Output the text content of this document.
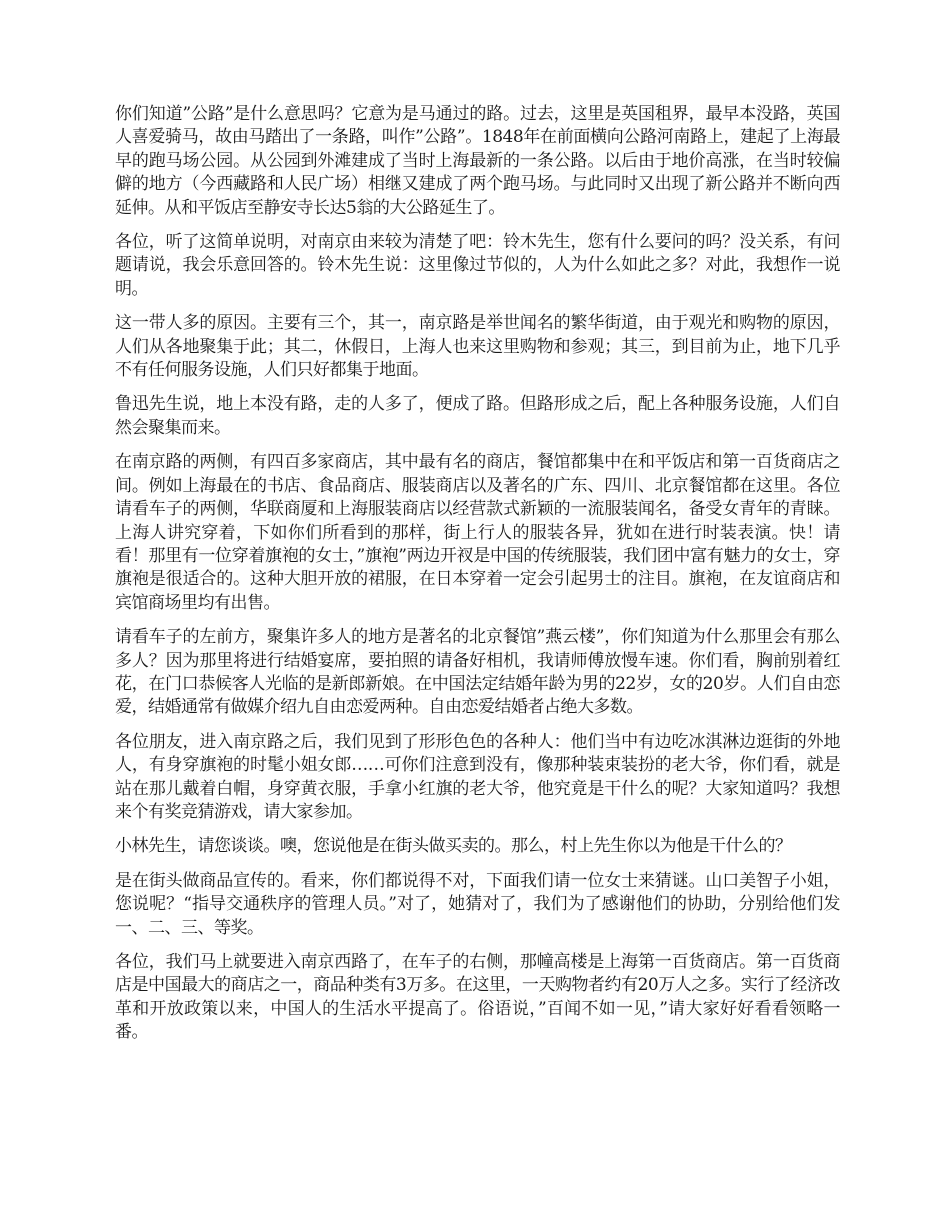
你们知道”公路”是什么意思吗？它意为是马通过的路。过去，这里是英国租界，最早本没路，英国人喜爱骑马，故由马踏出了一条路，叫作”公路”。1848年在前面横向公路河南路上，建起了上海最早的跑马场公园。从公园到外滩建成了当时上海最新的一条公路。以后由于地价高涨，在当时较偏僻的地方（今西藏路和人民广场）相继又建成了两个跑马场。与此同时又出现了新公路并不断向西延伸。从和平饭店至静安寺长达5翁的大公路延生了。

各位，听了这简单说明，对南京由来较为清楚了吧：铃木先生，您有什么要问的吗？没关系，有问题请说，我会乐意回答的。铃木先生说：这里像过节似的，人为什么如此之多？对此，我想作一说明。

这一带人多的原因。主要有三个，其一，南京路是举世闻名的繁华街道，由于观光和购物的原因，人们从各地聚集于此；其二，休假日，上海人也来这里购物和参观；其三，到目前为止，地下几乎不有任何服务设施，人们只好都集于地面。

鲁迅先生说，地上本没有路，走的人多了，便成了路。但路形成之后，配上各种服务设施，人们自然会聚集而来。

在南京路的两侧，有四百多家商店，其中最有名的商店，餐馆都集中在和平饭店和第一百货商店之间。例如上海最在的书店、食品商店、服装商店以及著名的广东、四川、北京餐馆都在这里。各位请看车子的两侧，华联商厦和上海服装商店以经营款式新颖的一流服装闻名，备受女青年的青睐。上海人讲究穿着，下如你们所看到的那样，街上行人的服装各异，犹如在进行时装表演。快！请看！那里有一位穿着旗袍的女士，”旗袍”两边开衩是中国的传统服装，我们团中富有魅力的女士，穿旗袍是很适合的。这种大胆开放的裙服，在日本穿着一定会引起男士的注目。旗袍，在友谊商店和宾馆商场里均有出售。

请看车子的左前方，聚集许多人的地方是著名的北京餐馆”燕云楼”，你们知道为什么那里会有那么多人？因为那里将进行结婚宴席，要拍照的请备好相机，我请师傅放慢车速。你们看，胸前别着红花，在门口恭候客人光临的是新郎新娘。在中国法定结婚年龄为男的22岁，女的20岁。人们自由恋爱，结婚通常有做媒介绍九自由恋爱两种。自由恋爱结婚者占绝大多数。

各位朋友，进入南京路之后，我们见到了形形色色的各种人：他们当中有边吃冰淇淋边逛街的外地人，有身穿旗袍的时髦小姐女郎……可你们注意到没有，像那种装束装扮的老大爷，你们看，就是站在那儿戴着白帽，身穿黄衣服，手拿小红旗的老大爷，他究竟是干什么的呢？大家知道吗？我想来个有奖竞猜游戏，请大家参加。

小林先生，请您谈谈。噢，您说他是在街头做买卖的。那么，村上先生你以为他是干什么的？

是在街头做商品宣传的。看来，你们都说得不对，下面我们请一位女士来猜谜。山口美智子小姐，您说呢？“指导交通秩序的管理人员。”对了，她猜对了，我们为了感谢他们的协助，分别给他们发一、二、三、等奖。

各位，我们马上就要进入南京西路了，在车子的右侧，那幢高楼是上海第一百货商店。第一百货商店是中国最大的商店之一，商品种类有3万多。在这里，一天购物者约有20万人之多。实行了经济改革和开放政策以来，中国人的生活水平提高了。俗语说，”百闻不如一见，”请大家好好看看领略一番。
